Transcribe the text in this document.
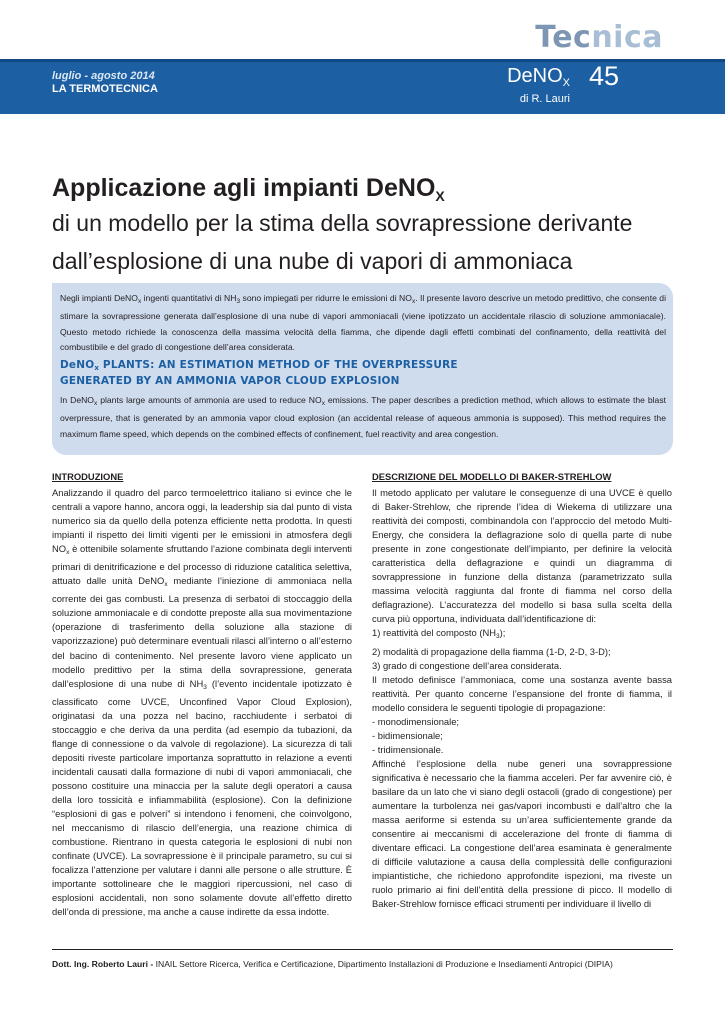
Tecnica
luglio - agosto 2014
LA TERMOTECNICA
DeNO$_X$
di R. Lauri
45
Applicazione agli impianti DeNO$_X$
di un modello per la stima della sovrapressione derivante dall’esplosione di una nube di vapori di ammoniaca
Negli impianti DeNO$_x$ ingenti quantitativi di $NH_3$ sono impiegati per ridurre le emissioni di $NO_x$. Il presente lavoro descrive un metodo predittivo, che consente di stimare la sovrapressione generata dall’esplosione di una nube di vapori ammoniacali (viene ipotizzato un accidentale rilascio di soluzione ammoniacale). Questo metodo richiede la conoscenza della massima velocità della fiamma, che dipende dagli effetti combinati del confinamento, della reattività del combustibile e del grado di congestione dell’area considerata.
DeNO$_x$ PLANTS: AN ESTIMATION METHOD OF THE OVERPRESSURE
GENERATED BY AN AMMONIA VAPOR CLOUD EXPLOSION
In DeNO$_x$ plants large amounts of ammonia are used to reduce $NO_x$ emissions. The paper describes a prediction method, which allows to estimate the blast overpressure, that is generated by an ammonia vapor cloud explosion (an accidental release of aqueous ammonia is supposed). This method requires the maximum flame speed, which depends on the combined effects of confinement, fuel reactivity and area congestion.
INTRODUZIONE

Analizzando il quadro del parco termoelettrico italiano si evince che le centrali a vapore hanno, ancora oggi, la leadership sia dal punto di vista numerico sia da quello della potenza efficiente netta prodotta. In questi impianti il rispetto dei limiti vigenti per le emissioni in atmosfera degli $NO_x$ è ottenibile solamente sfruttando l’azione combinata degli interventi primari di denitrificazione e del processo di riduzione catalitica selettiva, attuato dalle unità DeNO$_x$ mediante l’iniezione di ammoniaca nella corrente dei gas combusti. La presenza di serbatoi di stoccaggio della soluzione ammoniacale e di condotte preposte alla sua movimentazione (operazione di trasferimento della soluzione alla stazione di vaporizzazione) può determinare eventuali rilasci all’interno o all’esterno del bacino di contenimento. Nel presente lavoro viene applicato un modello predittivo per la stima della sovrapressione, generata dall’esplosione di una nube di $NH_3$ (l’evento incidentale ipotizzato è classificato come UVCE, Unconfined Vapor Cloud Explosion), originatasi da una pozza nel bacino, racchiudente i serbatoi di stoccaggio e che deriva da una perdita (ad esempio da tubazioni, da flange di connessione o da valvole di regolazione). La sicurezza di tali depositi riveste particolare importanza soprattutto in relazione a eventi incidentali causati dalla formazione di nubi di vapori ammoniacali, che possono costituire una minaccia per la salute degli operatori a causa della loro tossicità e infiammabilità (esplosione). Con la definizione “esplosioni di gas e polveri” si intendono i fenomeni, che coinvolgono, nel meccanismo di rilascio dell’energia, una reazione chimica di combustione. Rientrano in questa categoria le esplosioni di nubi non confinate (UVCE). La sovrapressione è il principale parametro, su cui si focalizza l’attenzione per valutare i danni alle persone o alle strutture. È importante sottolineare che le maggiori ripercussioni, nel caso di esplosioni accidentali, non sono solamente dovute all’effetto diretto dell’onda di pressione, ma anche a cause indirette da essa indotte.

DESCRIZIONE DEL MODELLO DI BAKER-STREHLOW

Il metodo applicato per valutare le conseguenze di una UVCE è quello di Baker-Strehlow, che riprende l’idea di Wiekema di utilizzare una reattività dei composti, combinandola con l’approccio del metodo Multi-Energy, che considera la deflagrazione solo di quella parte di nube presente in zone congestionate dell’impianto, per definire la velocità caratteristica della deflagrazione e quindi un diagramma di sovrappressione in funzione della distanza (parametrizzato sulla massima velocità raggiunta dal fronte di fiamma nel corso della deflagrazione). L’accuratezza del modello si basa sulla scelta della curva più opportuna, individuata dall’identificazione di:

1) reattività del composto $(NH_3)$;

2) modalità di propagazione della fiamma (1-D, 2-D, 3-D);

3) grado di congestione dell’area considerata.

Il metodo definisce l’ammoniaca, come una sostanza avente bassa reattività. Per quanto concerne l’espansione del fronte di fiamma, il modello considera le seguenti tipologie di propagazione:

- monodimensionale;

- bidimensionale;

- tridimensionale.

Affinché l’esplosione della nube generi una sovrappressione significativa è necessario che la fiamma acceleri. Per far avvenire ciò, è basilare da un lato che vi siano degli ostacoli (grado di congestione) per aumentare la turbolenza nei gas/vapori incombusti e dall’altro che la massa aeriforme si estenda su un’area sufficientemente grande da consentire ai meccanismi di accelerazione del fronte di fiamma di diventare efficaci. La congestione dell’area esaminata è generalmente di difficile valutazione a causa della complessità delle configurazioni impiantistiche, che richiedono approfondite ispezioni, ma riveste un ruolo primario ai fini dell’entità della pressione di picco. Il modello di Baker-Strehlow fornisce efficaci strumenti per individuare il livello di

Dott. Ing. Roberto Lauri - INAIL Settore Ricerca, Verifica e Certificazione, Dipartimento Installazioni di Produzione e Insediamenti Antropici (DIPIA)
